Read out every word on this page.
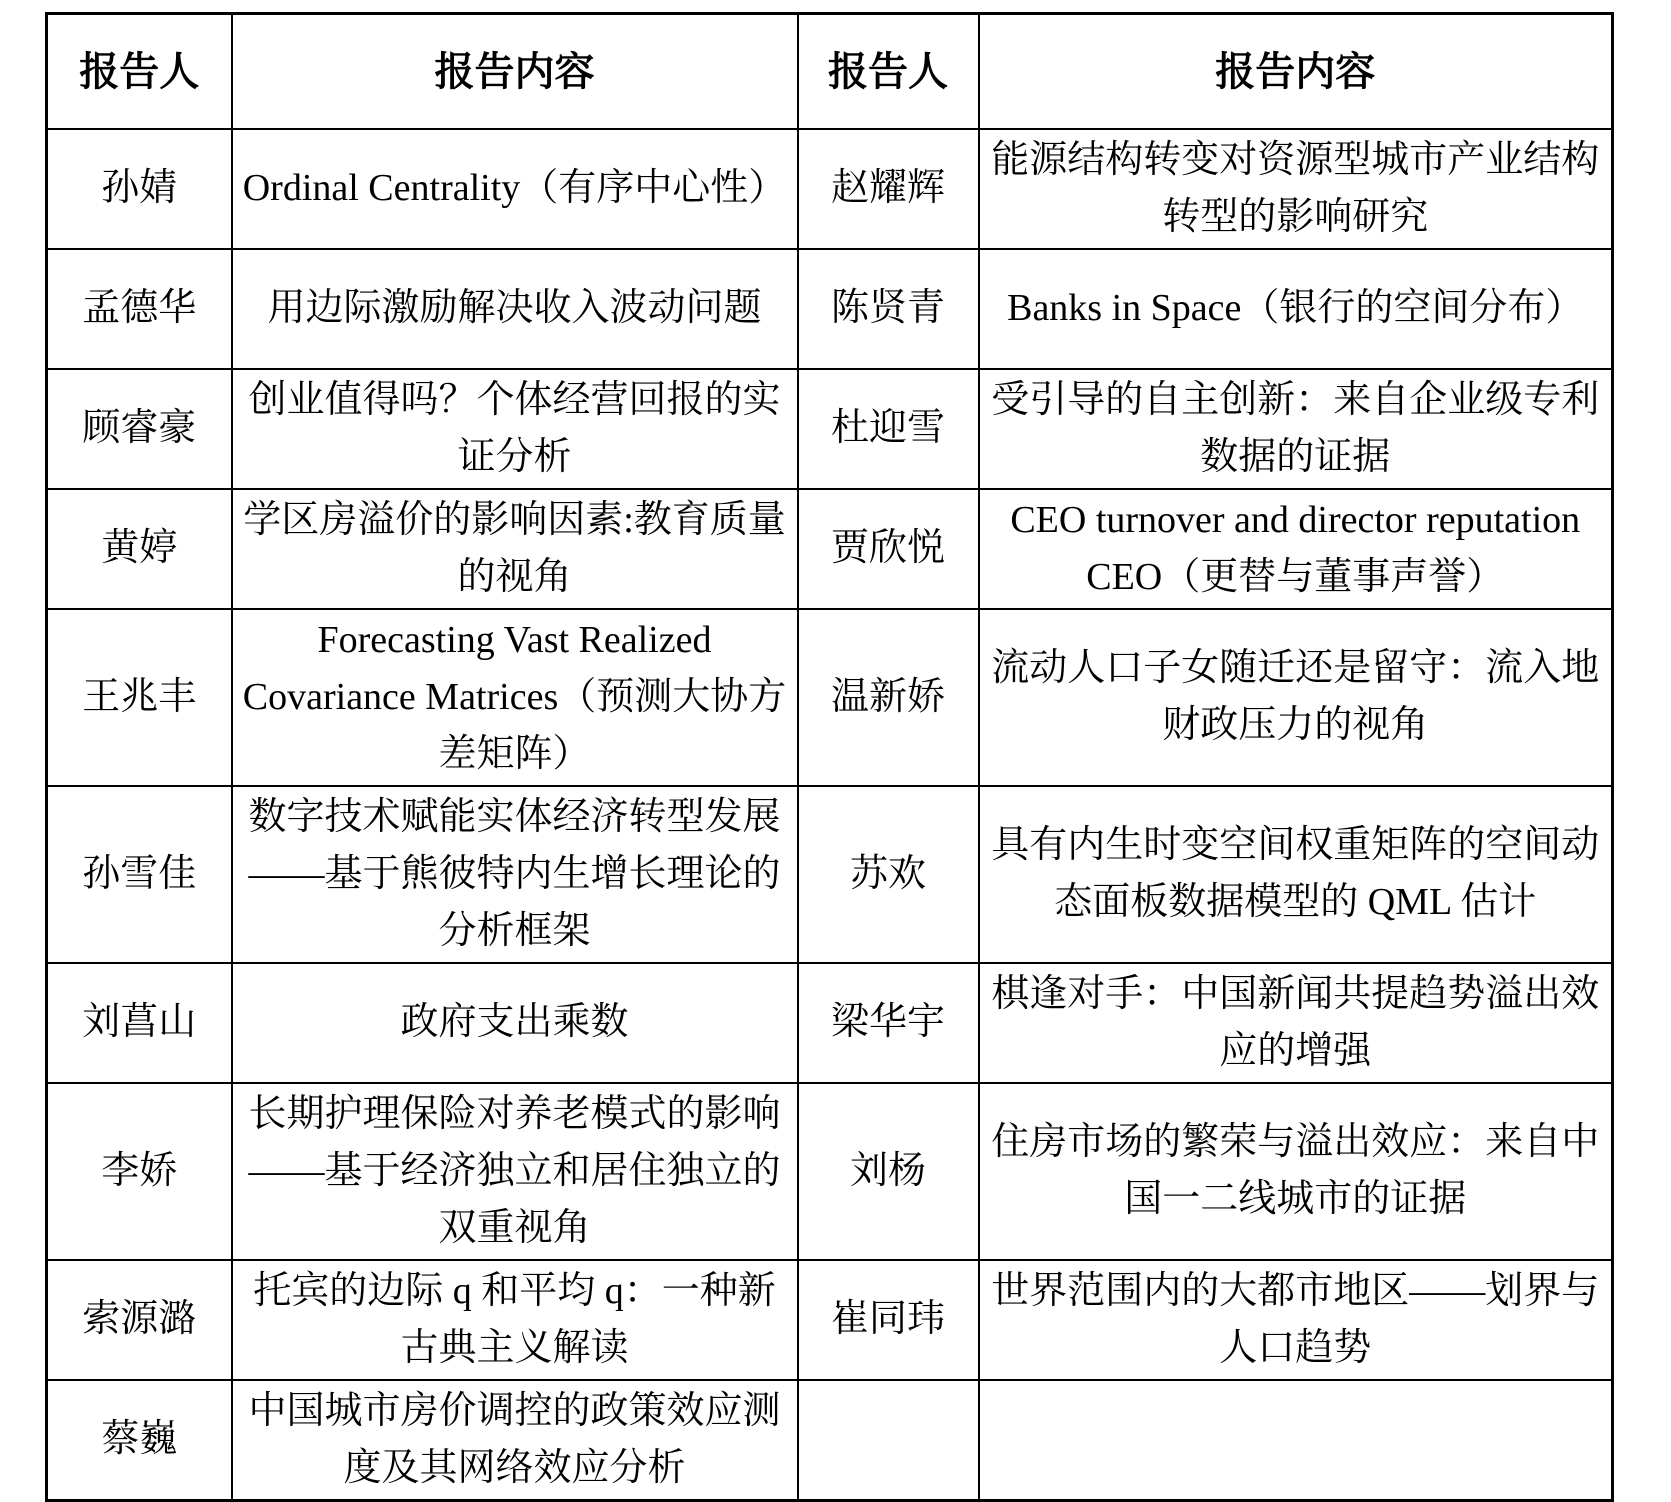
报告人	报告内容	报告人	报告内容
孙婧	Ordinal Centrality（有序中心性）	赵耀辉	能源结构转变对资源型城市产业结构转型的影响研究
孟德华	用边际激励解决收入波动问题	陈贤青	Banks in Space（银行的空间分布）
顾睿豪	创业值得吗？个体经营回报的实证分析	杜迎雪	受引导的自主创新：来自企业级专利数据的证据
黄婷	学区房溢价的影响因素:教育质量的视角	贾欣悦	CEO turnover and director reputation CEO（更替与董事声誉）
王兆丰	Forecasting Vast Realized Covariance Matrices（预测大协方差矩阵）	温新娇	流动人口子女随迁还是留守：流入地财政压力的视角
孙雪佳	数字技术赋能实体经济转型发展——基于熊彼特内生增长理论的分析框架	苏欢	具有内生时变空间权重矩阵的空间动态面板数据模型的 QML 估计
刘菖山	政府支出乘数	梁华宇	棋逢对手：中国新闻共提趋势溢出效应的增强
李娇	长期护理保险对养老模式的影响——基于经济独立和居住独立的双重视角	刘杨	住房市场的繁荣与溢出效应：来自中国一二线城市的证据
索源潞	托宾的边际 q 和平均 q：一种新古典主义解读	崔同玮	世界范围内的大都市地区——划界与人口趋势
蔡巍	中国城市房价调控的政策效应测度及其网络效应分析		
